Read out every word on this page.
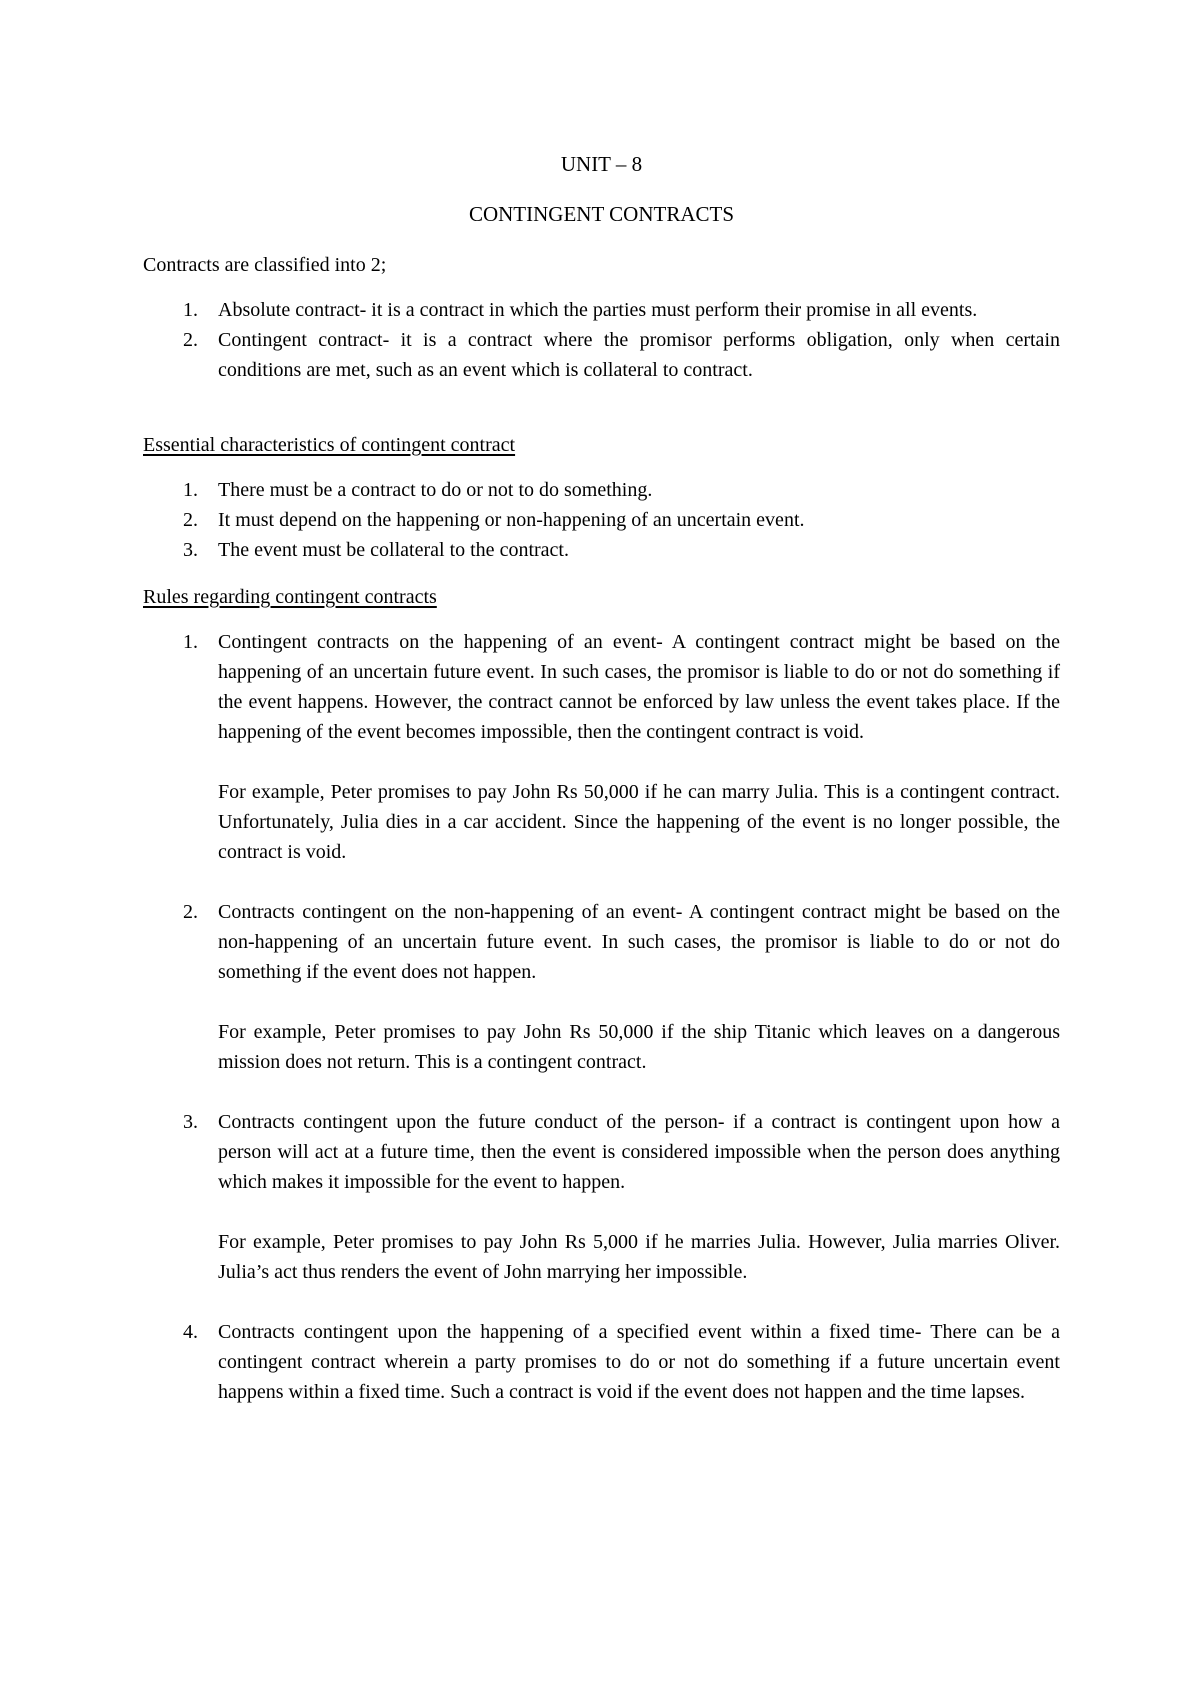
UNIT – 8

CONTINGENT CONTRACTS

Contracts are classified into 2;

1. Absolute contract- it is a contract in which the parties must perform their promise in all events.
2. Contingent contract- it is a contract where the promisor performs obligation, only when certain conditions are met, such as an event which is collateral to contract.

Essential characteristics of contingent contract

1. There must be a contract to do or not to do something.
2. It must depend on the happening or non-happening of an uncertain event.
3. The event must be collateral to the contract.

Rules regarding contingent contracts

1. Contingent contracts on the happening of an event- A contingent contract might be based on the happening of an uncertain future event. In such cases, the promisor is liable to do or not do something if the event happens. However, the contract cannot be enforced by law unless the event takes place. If the happening of the event becomes impossible, then the contingent contract is void.
For example, Peter promises to pay John Rs 50,000 if he can marry Julia. This is a contingent contract. Unfortunately, Julia dies in a car accident. Since the happening of the event is no longer possible, the contract is void.
2. Contracts contingent on the non-happening of an event- A contingent contract might be based on the non-happening of an uncertain future event. In such cases, the promisor is liable to do or not do something if the event does not happen.
For example, Peter promises to pay John Rs 50,000 if the ship Titanic which leaves on a dangerous mission does not return. This is a contingent contract.
3. Contracts contingent upon the future conduct of the person- if a contract is contingent upon how a person will act at a future time, then the event is considered impossible when the person does anything which makes it impossible for the event to happen.
For example, Peter promises to pay John Rs 5,000 if he marries Julia. However, Julia marries Oliver. Julia’s act thus renders the event of John marrying her impossible.
4. Contracts contingent upon the happening of a specified event within a fixed time- There can be a contingent contract wherein a party promises to do or not do something if a future uncertain event happens within a fixed time. Such a contract is void if the event does not happen and the time lapses.
